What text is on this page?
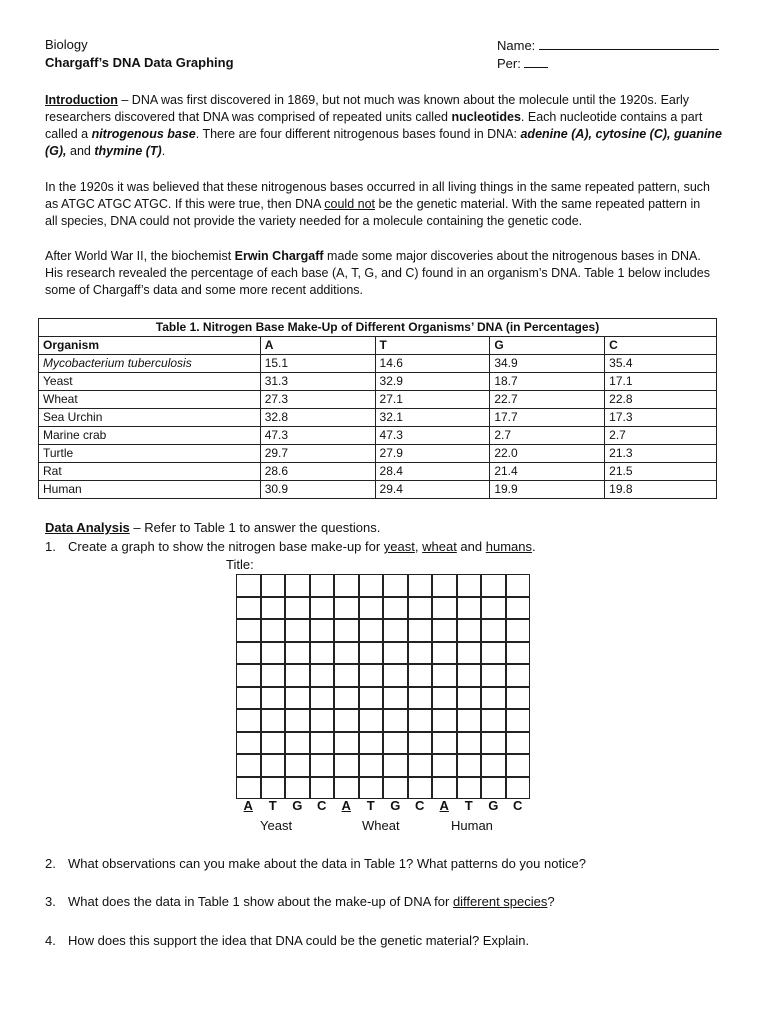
Biology
Chargaff’s DNA Data Graphing
Name:
Per:
Introduction – DNA was first discovered in 1869, but not much was known about the molecule until the 1920s. Early
researchers discovered that DNA was comprised of repeated units called nucleotides. Each nucleotide contains a part
called a nitrogenous base. There are four different nitrogenous bases found in DNA: adenine (A), cytosine (C), guanine
(G), and thymine (T).
In the 1920s it was believed that these nitrogenous bases occurred in all living things in the same repeated pattern, such
as ATGC ATGC ATGC. If this were true, then DNA could not be the genetic material. With the same repeated pattern in
all species, DNA could not provide the variety needed for a molecule containing the genetic code.
After World War II, the biochemist Erwin Chargaff made some major discoveries about the nitrogenous bases in DNA.
His research revealed the percentage of each base (A, T, G, and C) found in an organism’s DNA. Table 1 below includes
some of Chargaff’s data and some more recent additions.
Table 1. Nitrogen Base Make-Up of Different Organisms’ DNA (in Percentages)				
Organism	A	T	G	C
Mycobacterium tuberculosis	15.1	14.6	34.9	35.4
Yeast	31.3	32.9	18.7	17.1
Wheat	27.3	27.1	22.7	22.8
Sea Urchin	32.8	32.1	17.7	17.3
Marine crab	47.3	47.3	2.7	2.7
Turtle	29.7	27.9	22.0	21.3
Rat	28.6	28.4	21.4	21.5
Human	30.9	29.4	19.9	19.8
Data Analysis – Refer to Table 1 to answer the questions.
1. Create a graph to show the nitrogen base make-up for yeast, wheat and humans.
Title:
A	T	G	C	A	T	G	C	A	T	G	C
Yeast	Wheat	Human
2. What observations can you make about the data in Table 1? What patterns do you notice?
3. What does the data in Table 1 show about the make-up of DNA for different species?
4. How does this support the idea that DNA could be the genetic material? Explain.
